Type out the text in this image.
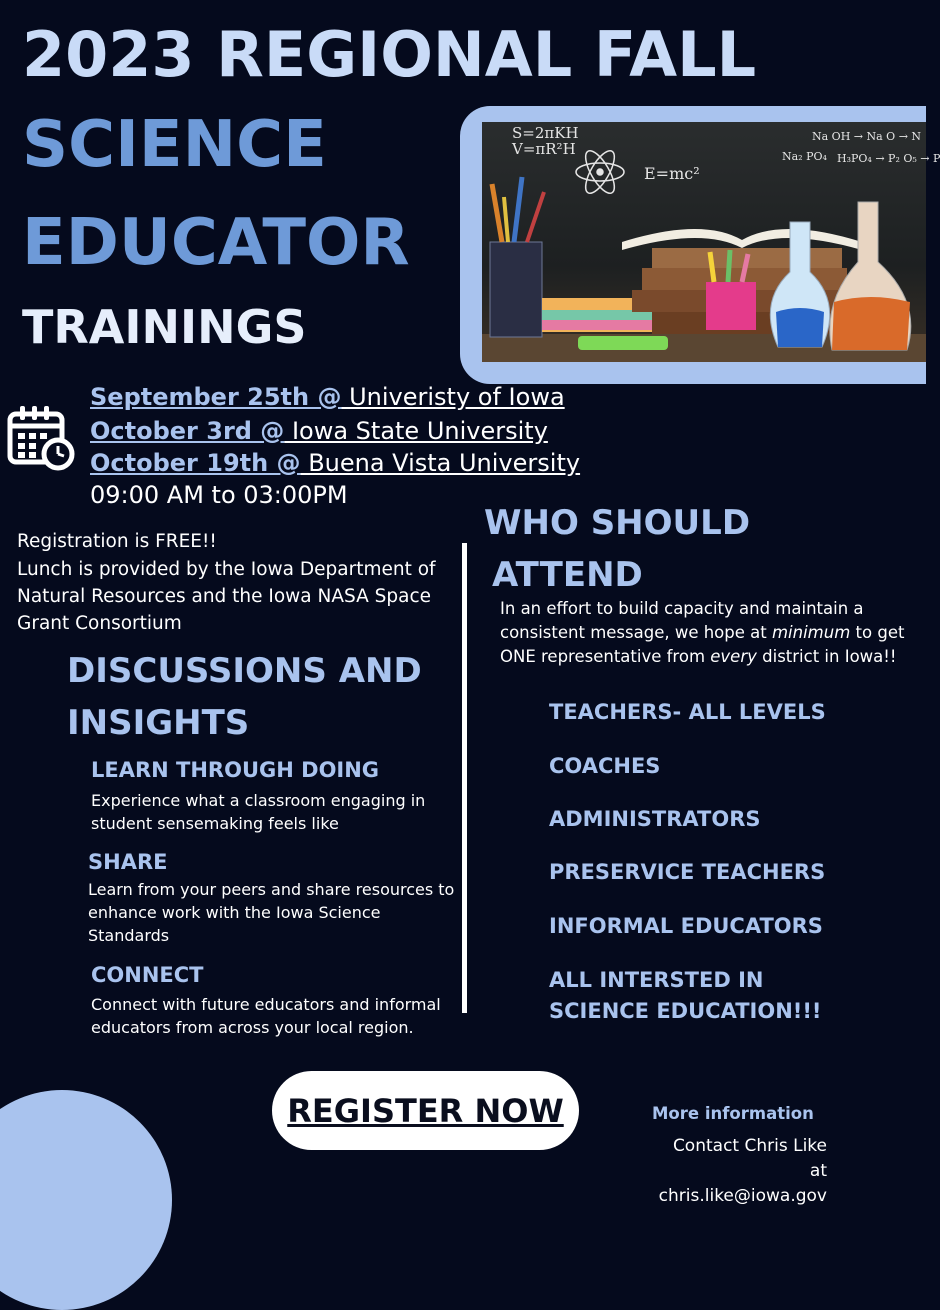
2023 REGIONAL FALL
SCIENCE
EDUCATOR
TRAININGS
S=2πKH
V=πR²H
E=mc²
Na OH → Na O → N
Na₂ PO₄ H₃PO₄ → P₂ O₅ → P
September 25th @ Univeristy of Iowa
October 3rd @ Iowa State University
October 19th @ Buena Vista University
09:00 AM to 03:00PM
Registration is FREE!!
Lunch is provided by the Iowa Department of Natural Resources and the Iowa NASA Space Grant Consortium
DISCUSSIONS AND INSIGHTS
LEARN THROUGH DOING
Experience what a classroom engaging in student sensemaking feels like
SHARE
Learn from your peers and share resources to enhance work with the Iowa Science Standards
CONNECT
Connect with future educators and informal educators from across your local region.
WHO SHOULD
ATTEND
In an effort to build capacity and maintain a consistent message, we hope at minimum to get ONE representative from every district in Iowa!!
TEACHERS- ALL LEVELS
COACHES
ADMINISTRATORS
PRESERVICE TEACHERS
INFORMAL EDUCATORS
ALL INTERSTED IN SCIENCE EDUCATION!!!
REGISTER NOW	More information
Contact Chris Like at
chris.like@iowa.gov
